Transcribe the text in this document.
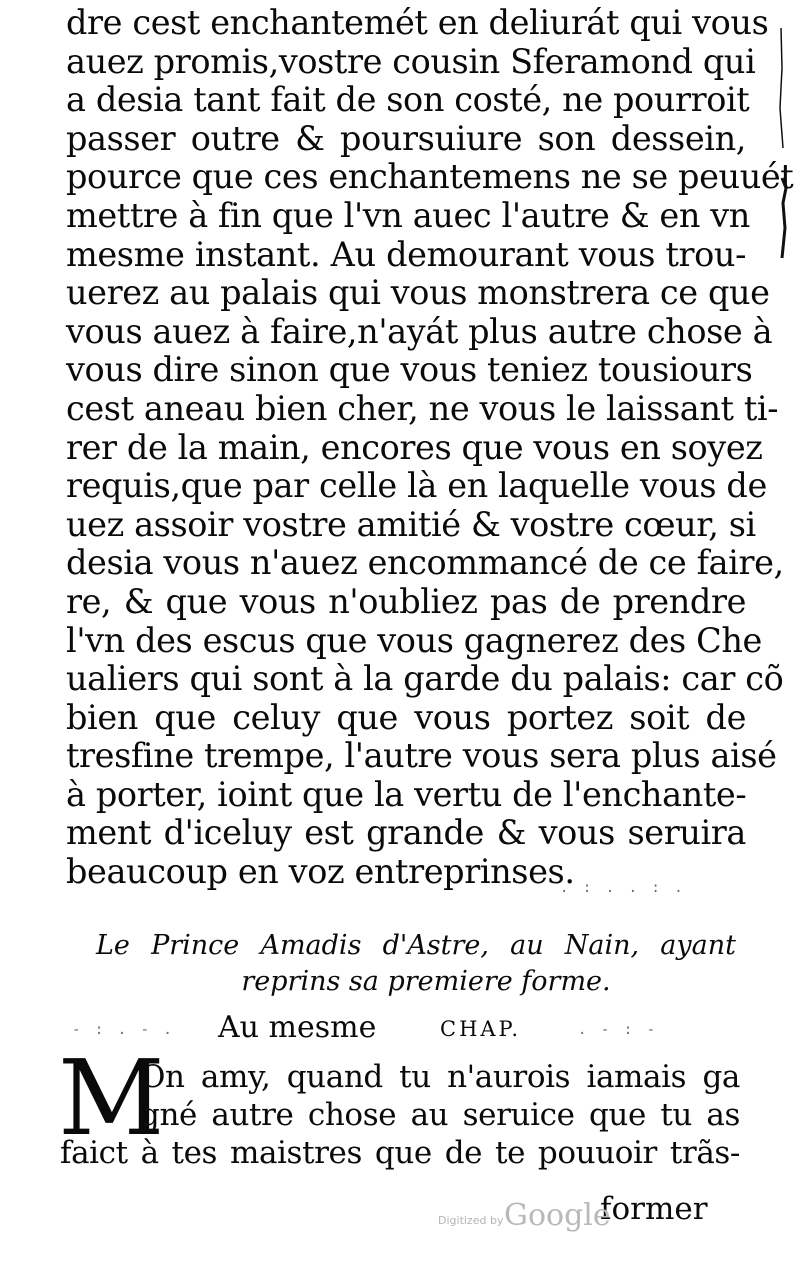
dre cest enchantemét en deliurát qui vous
auez promis,vostre cousin Sferamond qui
a desia tant fait de son costé, ne pourroit
passer outre & poursuiure son dessein,
pource que ces enchantemens ne se peuuét
mettre à fin que l'vn auec l'autre & en vn
mesme instant. Au demourant vous trou-
uerez au palais qui vous monstrera ce que
vous auez à faire,n'ayát plus autre chose à
vous dire sinon que vous teniez tousiours
cest aneau bien cher, ne vous le laissant ti-
rer de la main, encores que vous en soyez
requis,que par celle là en laquelle vous de
uez assoir vostre amitié & vostre cœur, si
desia vous n'auez encommancé de ce faire,
re, & que vous n'oubliez pas de prendre
l'vn des escus que vous gagnerez des Che
ualiers qui sont à la garde du palais: car cõ
bien que celuy que vous portez soit de
tresfine trempe, l'autre vous sera plus aisé
à porter, ioint que la vertu de l'enchante-
ment d'iceluy est grande & vous seruira
beaucoup en voz entreprinses.
. : . . : .
- : . - .	. - : -
Le Prince Amadis d'Astre, au Nain, ayant
reprins sa premiere forme.
Au mesme	CHAP.
M
On amy, quand tu n'aurois iamais ga
gné autre chose au seruice que tu as
faict à tes maistres que de te pouuoir trãs-
former
Digitized by Google
